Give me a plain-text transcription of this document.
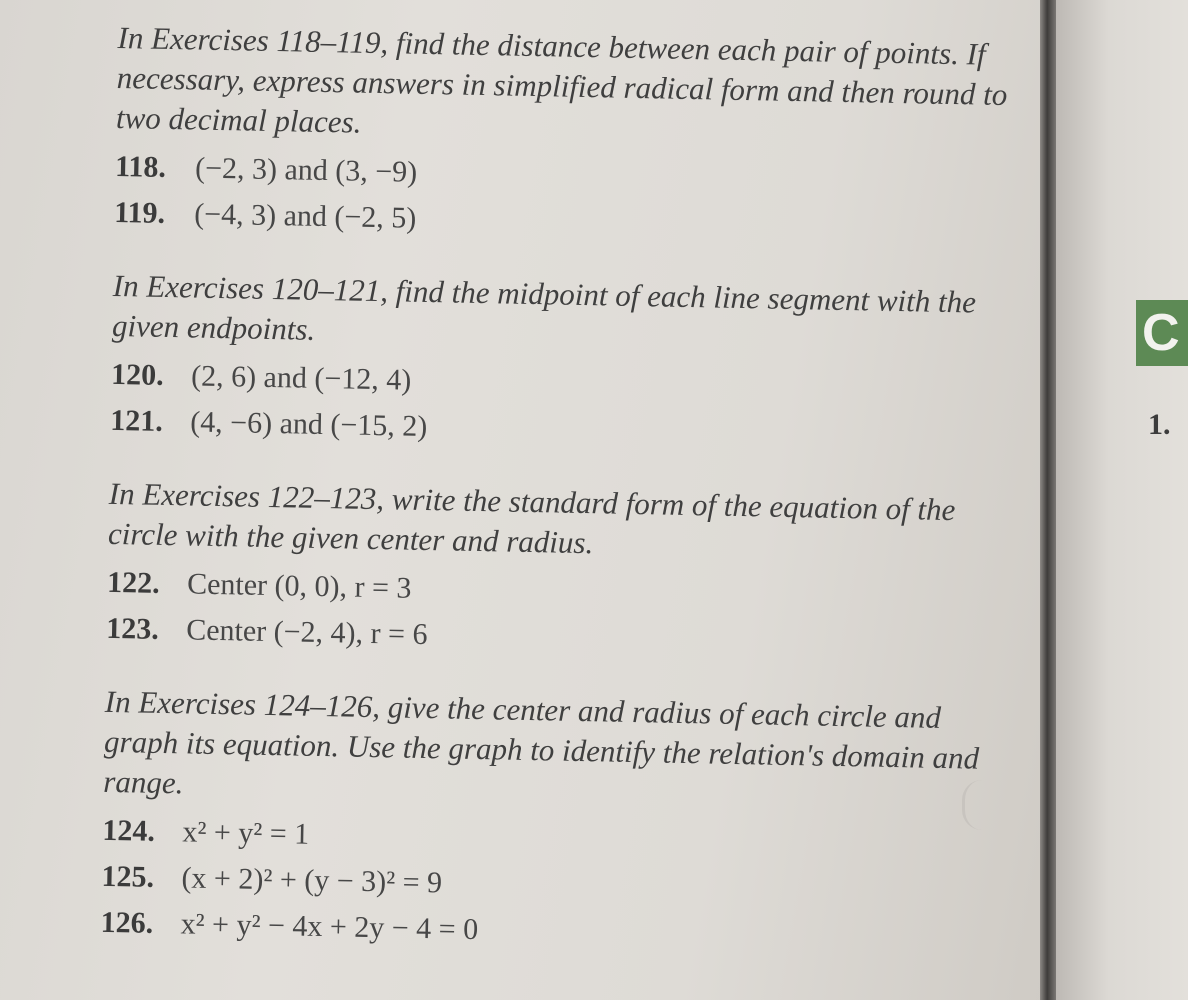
In Exercises 118–119, find the distance between each pair of points. If necessary, express answers in simplified radical form and then round to two decimal places.

118. (−2, 3) and (3, −9)
119. (−4, 3) and (−2, 5)

In Exercises 120–121, find the midpoint of each line segment with the given endpoints.

120. (2, 6) and (−12, 4)
121. (4, −6) and (−15, 2)

In Exercises 122–123, write the standard form of the equation of the circle with the given center and radius.

122. Center (0, 0), r = 3
123. Center (−2, 4), r = 6

In Exercises 124–126, give the center and radius of each circle and graph its equation. Use the graph to identify the relation's domain and range.

124. x² + y² = 1
125. (x + 2)² + (y − 3)² = 9
126. x² + y² − 4x + 2y − 4 = 0
C
1.
